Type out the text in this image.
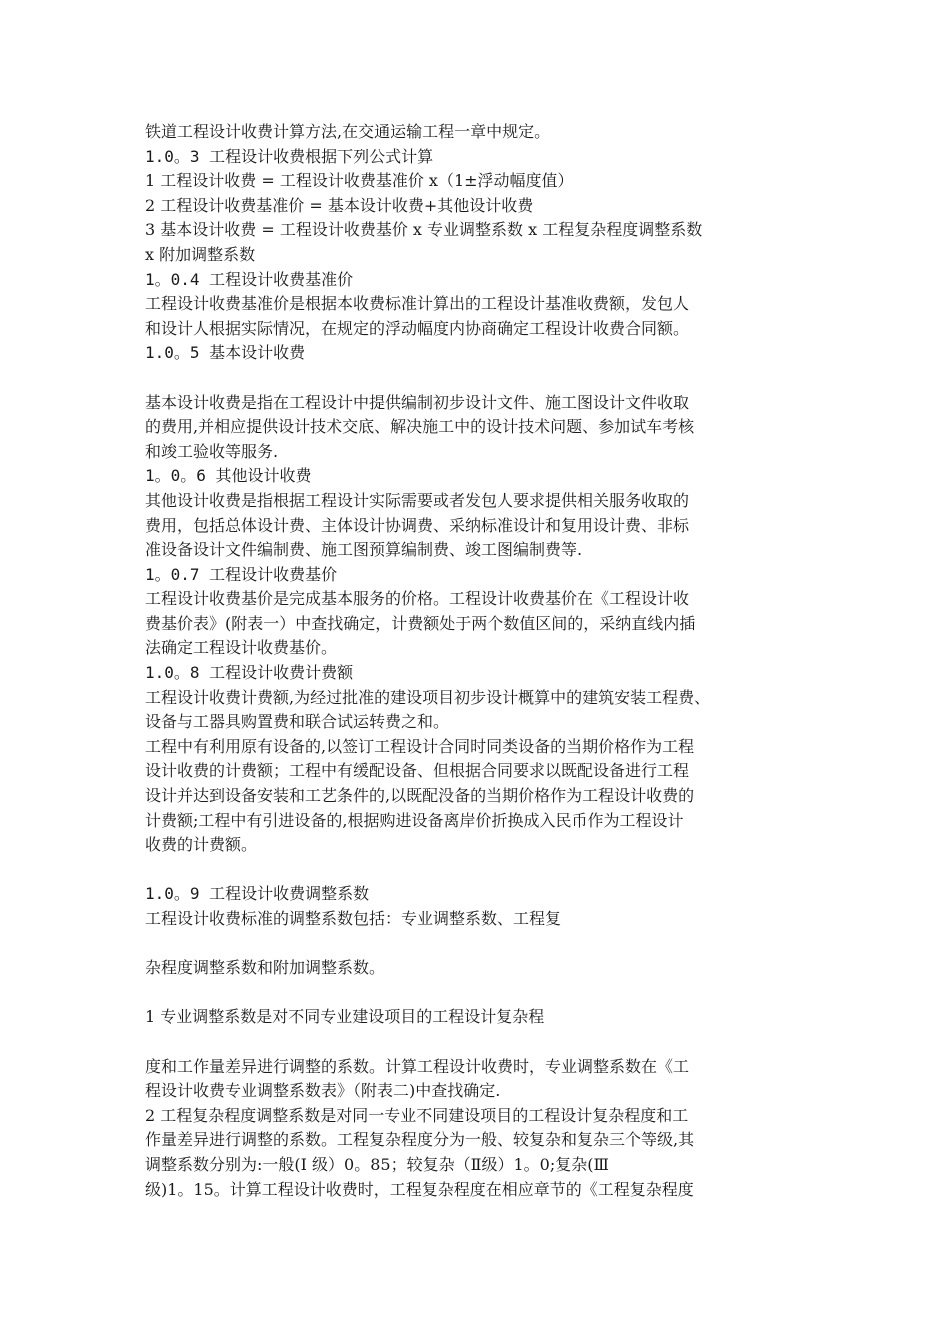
铁道工程设计收费计算方法,在交通运输工程一章中规定。
1.0。3 工程设计收费根据下列公式计算
1 工程设计收费 = 工程设计收费基准价 x（1±浮动幅度值）
2 工程设计收费基准价 = 基本设计收费+其他设计收费
3 基本设计收费 = 工程设计收费基价 x 专业调整系数 x 工程复杂程度调整系数
x 附加调整系数
1。0.4 工程设计收费基准价
工程设计收费基准价是根据本收费标准计算出的工程设计基准收费额，发包人
和设计人根据实际情况，在规定的浮动幅度内协商确定工程设计收费合同额。
1.0。5 基本设计收费
基本设计收费是指在工程设计中提供编制初步设计文件、施工图设计文件收取
的费用,并相应提供设计技术交底、解决施工中的设计技术问题、参加试车考核
和竣工验收等服务.
1。0。6 其他设计收费
其他设计收费是指根据工程设计实际需要或者发包人要求提供相关服务收取的
费用，包括总体设计费、主体设计协调费、采纳标准设计和复用设计费、非标
准设备设计文件编制费、施工图预算编制费、竣工图编制费等.
1。0.7 工程设计收费基价
工程设计收费基价是完成基本服务的价格。工程设计收费基价在《工程设计收
费基价表》(附表一）中查找确定，计费额处于两个数值区间的，采纳直线内插
法确定工程设计收费基价。
1.0。8 工程设计收费计费额
工程设计收费计费额,为经过批准的建设项目初步设计概算中的建筑安装工程费、
设备与工器具购置费和联合试运转费之和。
工程中有利用原有设备的,以签订工程设计合同时同类设备的当期价格作为工程
设计收费的计费额；工程中有缓配设备、但根据合同要求以既配设备进行工程
设计并达到设备安装和工艺条件的,以既配没备的当期价格作为工程设计收费的
计费额;工程中有引进设备的,根据购进设备离岸价折换成入民币作为工程设计
收费的计费额。
1.0。9 工程设计收费调整系数
工程设计收费标准的调整系数包括：专业调整系数、工程复
杂程度调整系数和附加调整系数。
1 专业调整系数是对不同专业建设项目的工程设计复杂程
度和工作量差异进行调整的系数。计算工程设计收费时，专业调整系数在《工
程设计收费专业调整系数表》（附表二)中查找确定.
2 工程复杂程度调整系数是对同一专业不同建设项目的工程设计复杂程度和工
作量差异进行调整的系数。工程复杂程度分为一般、较复杂和复杂三个等级,其
调整系数分别为:一般(Ⅰ 级）0。85；较复杂（Ⅱ级）1。0;复杂(Ⅲ
级)1。15。计算工程设计收费时，工程复杂程度在相应章节的《工程复杂程度
